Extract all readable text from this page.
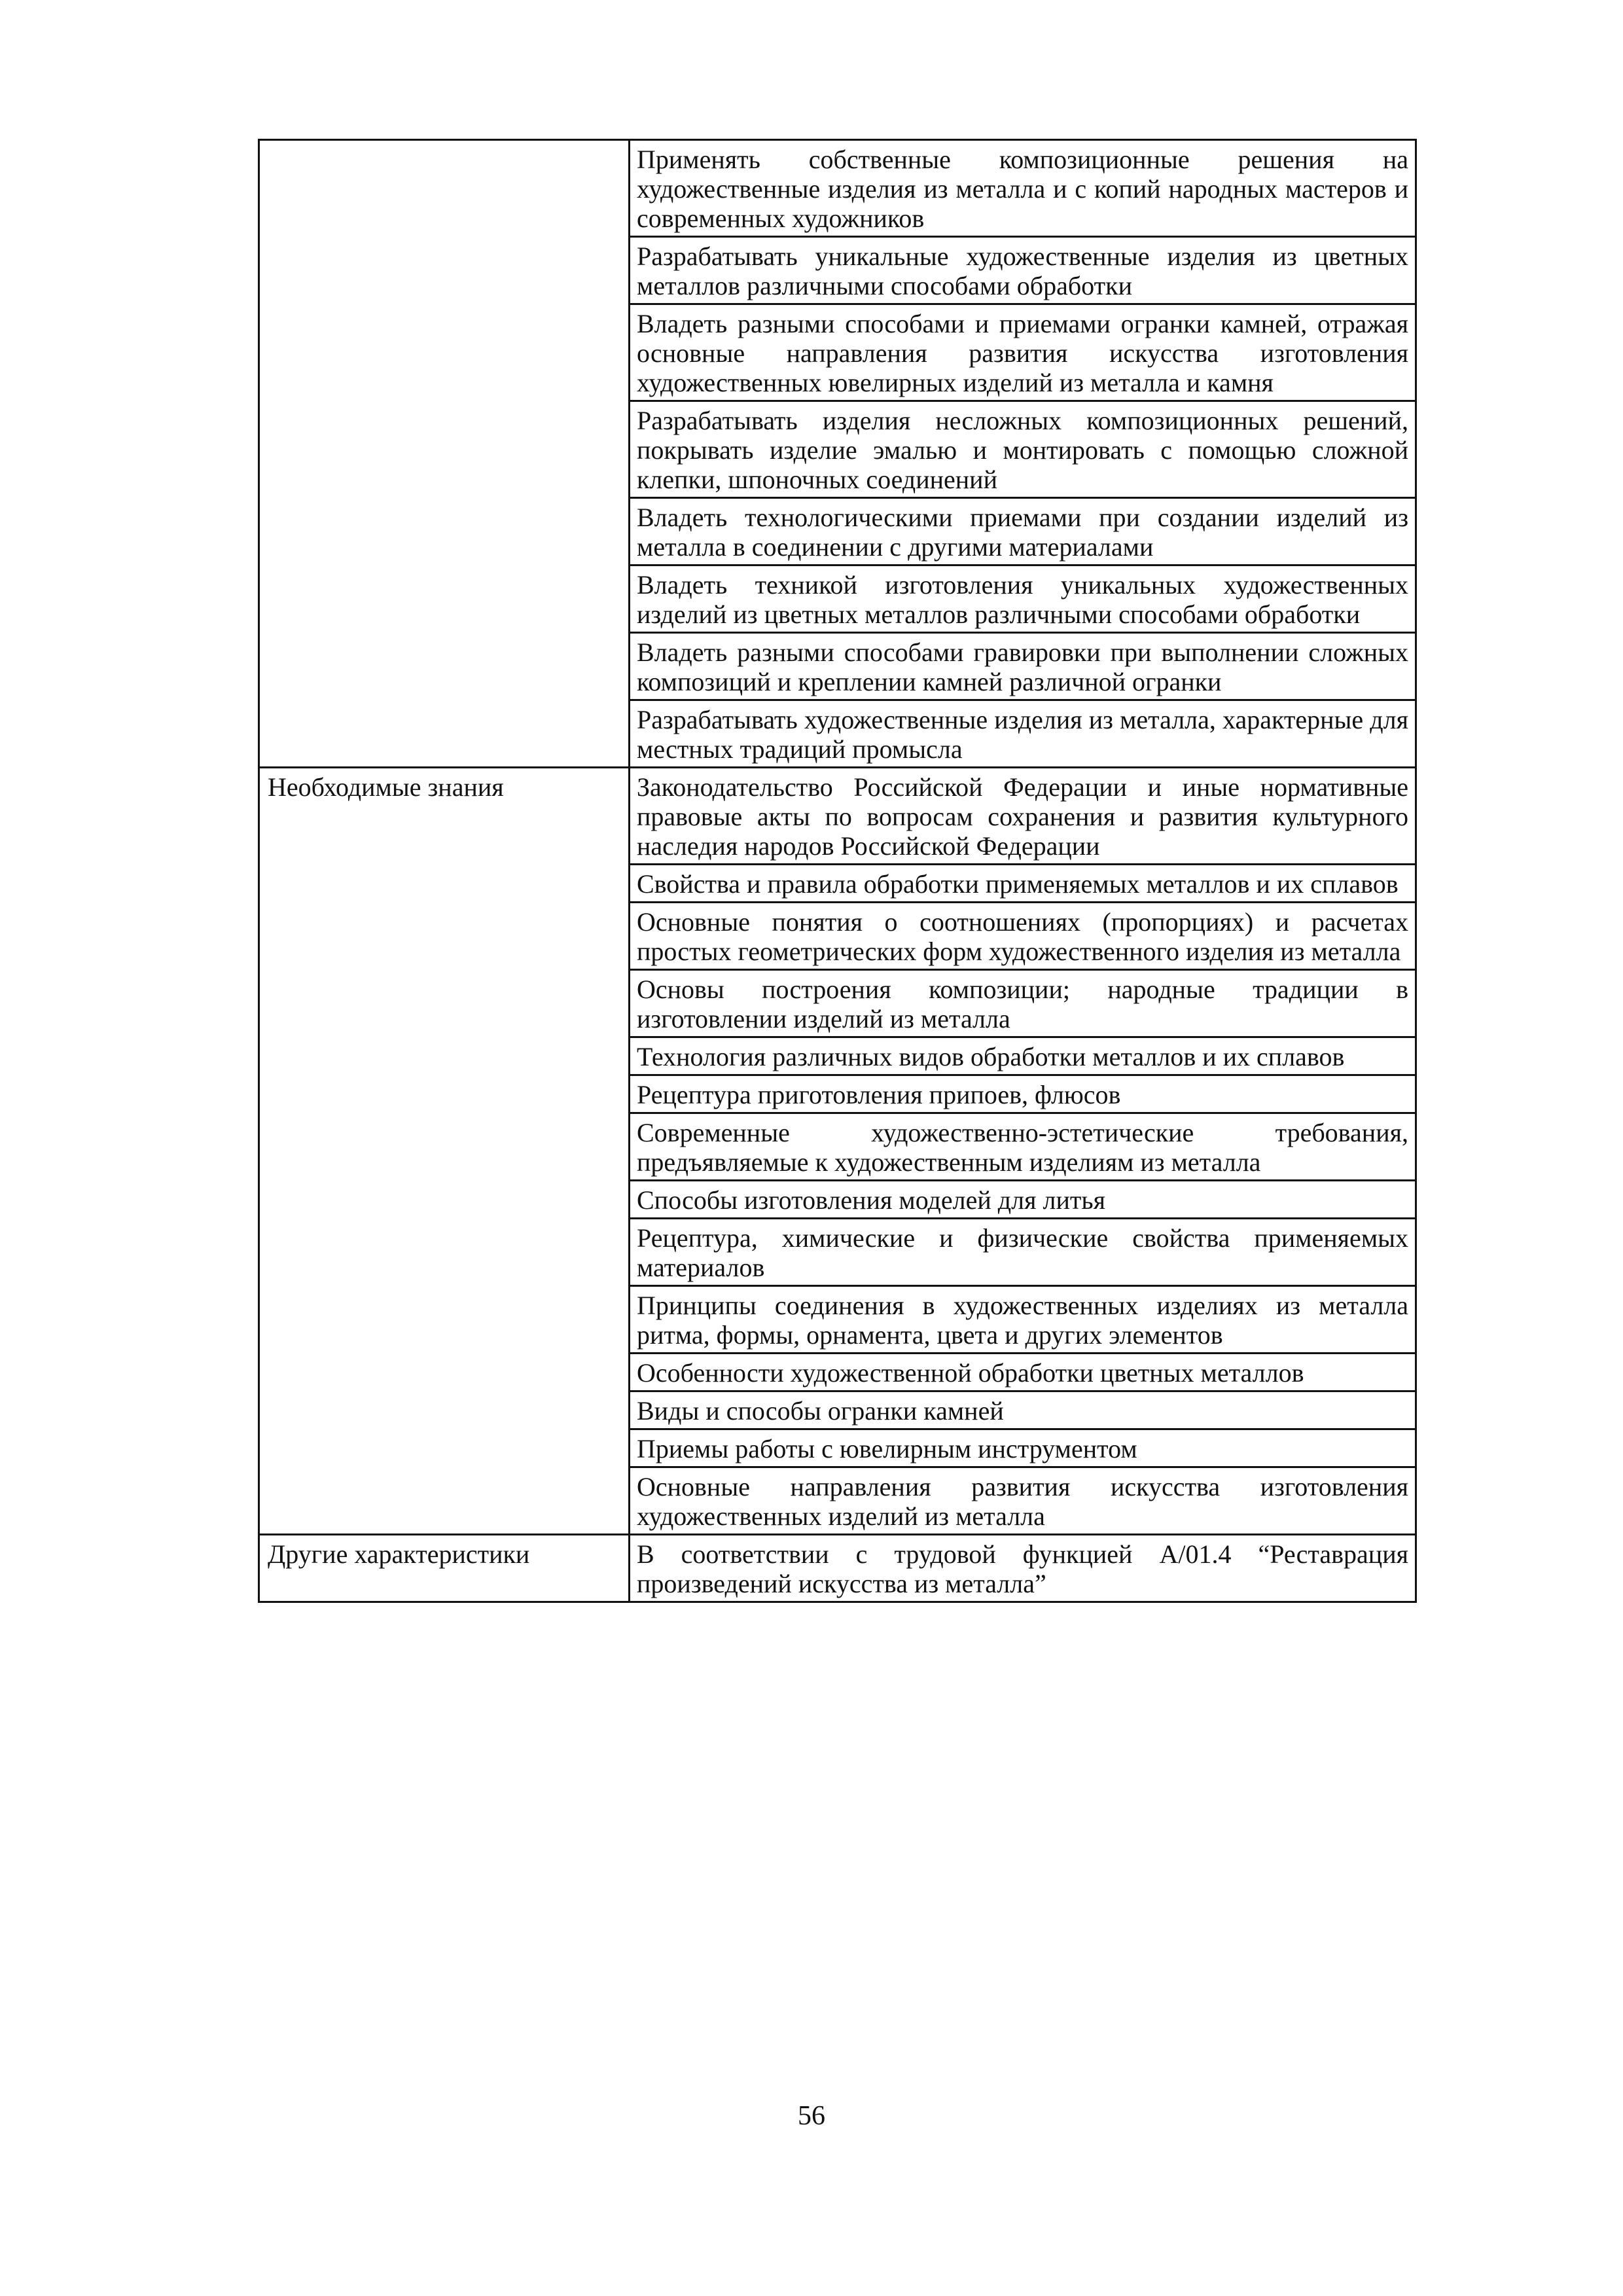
	Применять собственные композиционные решения на художественные изделия из металла и с копий народных мастеров и современных художников
	Разрабатывать уникальные художественные изделия из цветных металлов различными способами обработки
	Владеть разными способами и приемами огранки камней, отражая основные направления развития искусства изготовления художественных ювелирных изделий из металла и камня
	Разрабатывать изделия несложных композиционных решений, покрывать изделие эмалью и монтировать с помощью сложной клепки, шпоночных соединений
	Владеть технологическими приемами при создании изделий из металла в соединении с другими материалами
	Владеть техникой изготовления уникальных художественных изделий из цветных металлов различными способами обработки
	Владеть разными способами гравировки при выполнении сложных композиций и креплении камней различной огранки
	Разрабатывать художественные изделия из металла, характерные для местных традиций промысла
Необходимые знания	Законодательство Российской Федерации и иные нормативные правовые акты по вопросам сохранения и развития культурного наследия народов Российской Федерации
	Свойства и правила обработки применяемых металлов и их сплавов
	Основные понятия о соотношениях (пропорциях) и расчетах простых геометрических форм художественного изделия из металла
	Основы построения композиции; народные традиции в изготовлении изделий из металла
	Технология различных видов обработки металлов и их сплавов
	Рецептура приготовления припоев, флюсов
	Современные художественно-эстетические требования, предъявляемые к художественным изделиям из металла
	Способы изготовления моделей для литья
	Рецептура, химические и физические свойства применяемых материалов
	Принципы соединения в художественных изделиях из металла ритма, формы, орнамента, цвета и других элементов
	Особенности художественной обработки цветных металлов
	Виды и способы огранки камней
	Приемы работы с ювелирным инструментом
	Основные направления развития искусства изготовления художественных изделий из металла
Другие характеристики	В соответствии с трудовой функцией А/01.4 “Реставрация произведений искусства из металла”
56
